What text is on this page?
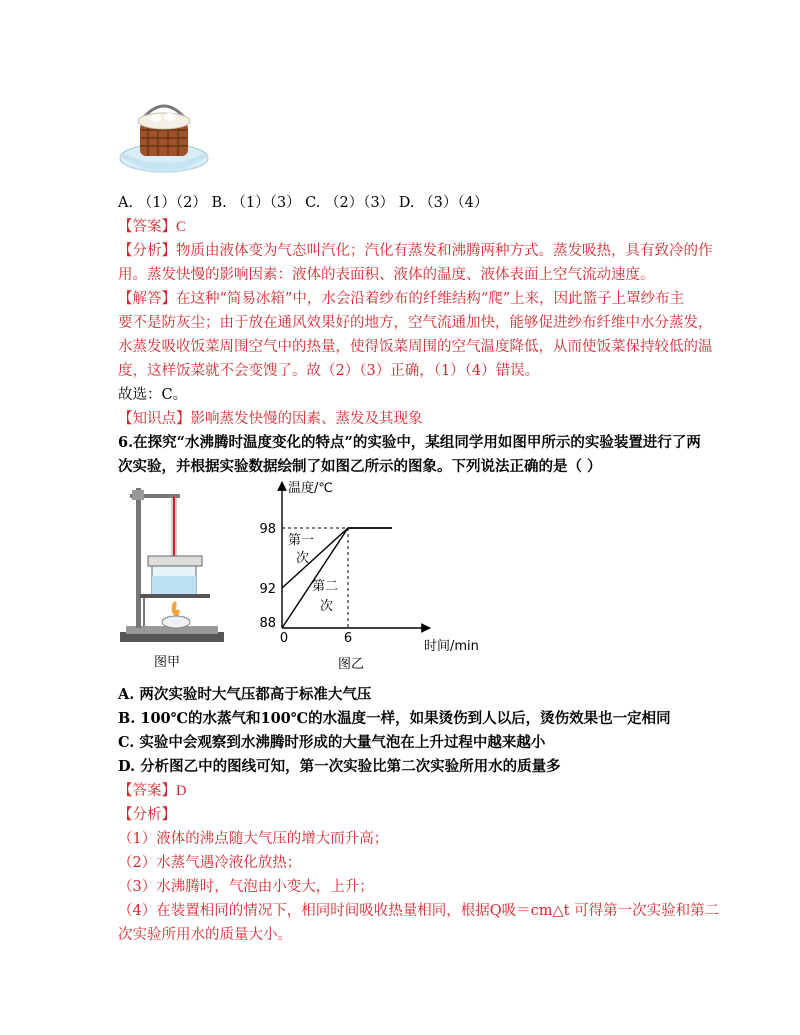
A. （1）（2） B. （1）（3） C. （2）（3） D. （3）（4）
【答案】C
【分析】物质由液体变为气态叫汽化；汽化有蒸发和沸腾两种方式。蒸发吸热，具有致冷的作
用。蒸发快慢的影响因素：液体的表面积、液体的温度、液体表面上空气流动速度。
【解答】在这种“简易冰箱”中，水会沿着纱布的纤维结构“爬”上来，因此篮子上罩纱布主
要不是防灰尘；由于放在通风效果好的地方，空气流通加快，能够促进纱布纤维中水分蒸发，
水蒸发吸收饭菜周围空气中的热量，使得饭菜周围的空气温度降低，从而使饭菜保持较低的温
度，这样饭菜就不会变馊了。故（2）（3）正确，（1）（4）错误。
故选：C。
【知识点】影响蒸发快慢的因素、蒸发及其现象
6.在探究“水沸腾时温度变化的特点”的实验中，某组同学用如图甲所示的实验装置进行了两
次实验，并根据实验数据绘制了如图乙所示的图象。下列说法正确的是（ ）
图甲
温度/℃
时间/min
98
92
88
0	6
第一
次
第二
次
图乙
A. 两次实验时大气压都高于标准大气压
B. 100℃的水蒸气和100℃的水温度一样，如果烫伤到人以后，烫伤效果也一定相同
C. 实验中会观察到水沸腾时形成的大量气泡在上升过程中越来越小
D. 分析图乙中的图线可知，第一次实验比第二次实验所用水的质量多
【答案】D
【分析】
（1）液体的沸点随大气压的增大而升高；
（2）水蒸气遇冷液化放热；
（3）水沸腾时，气泡由小变大，上升；
（4）在装置相同的情况下，相同时间吸收热量相同，根据Q吸＝cm△t 可得第一次实验和第二
次实验所用水的质量大小。
